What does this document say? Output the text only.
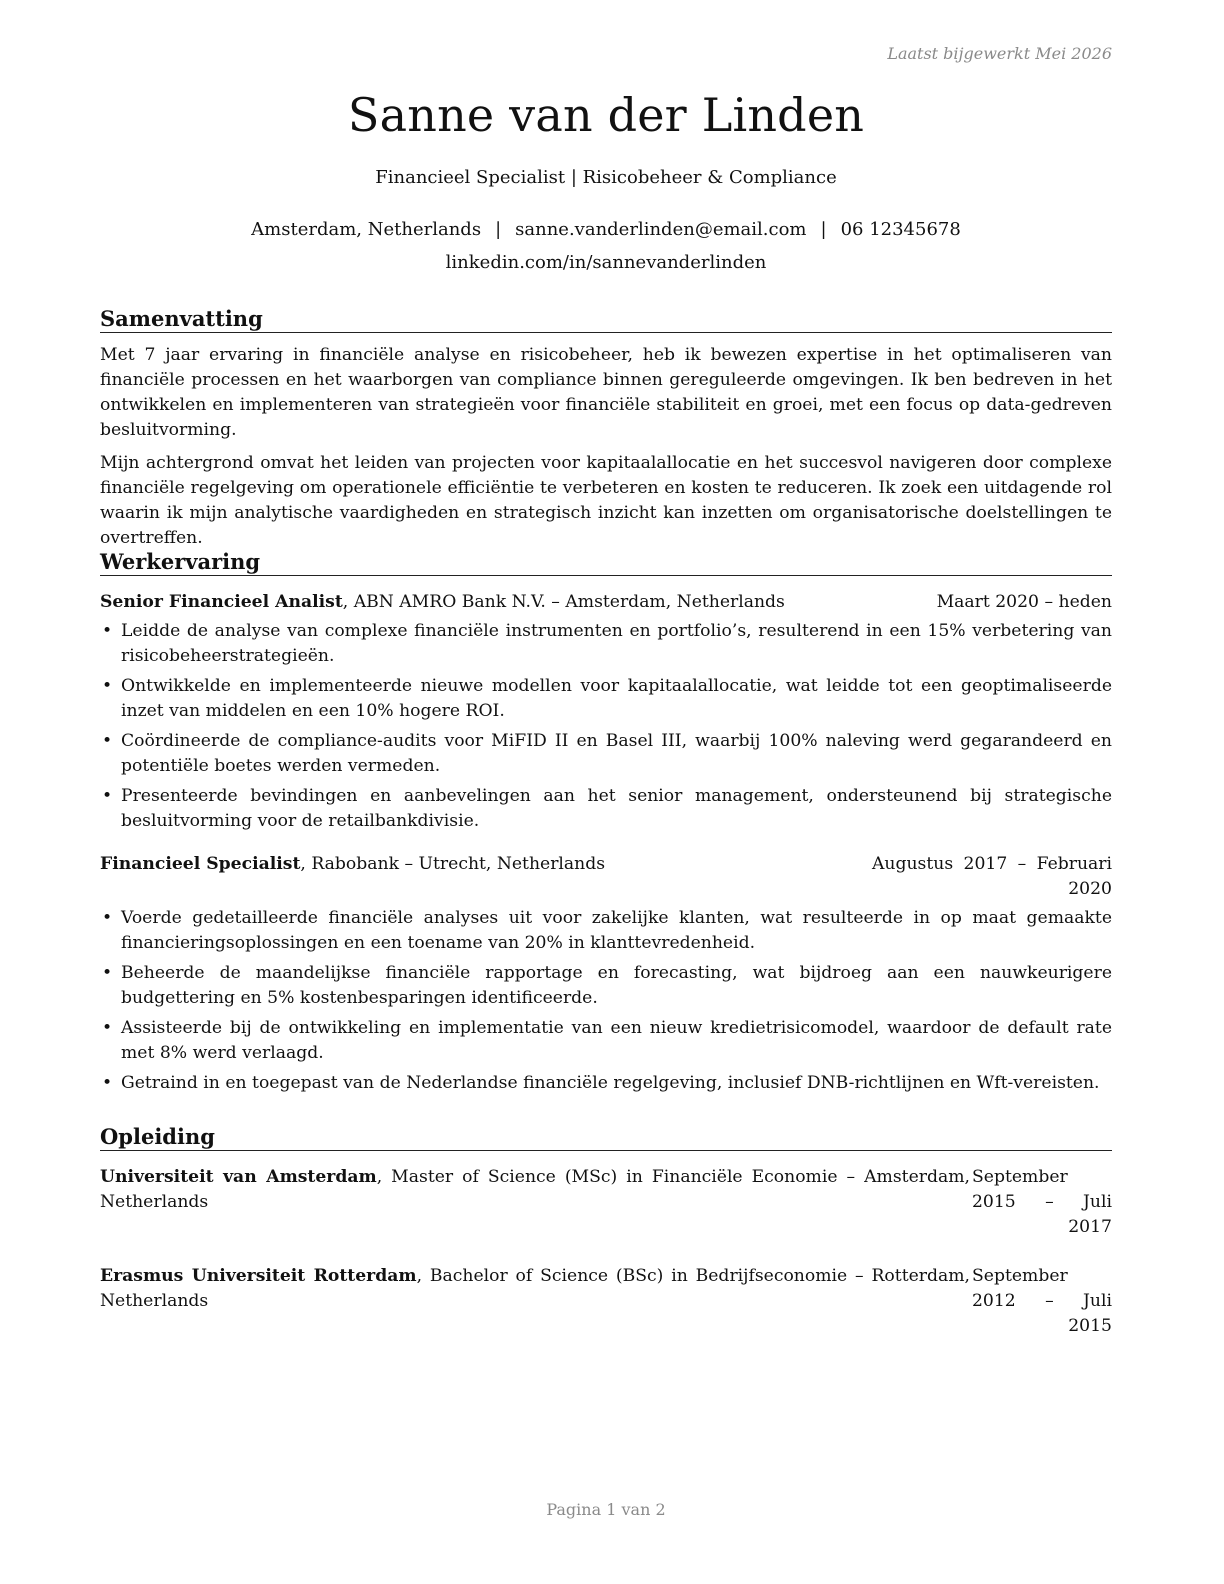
Laatst bijgewerkt Mei 2026
Sanne van der Linden
Financieel Specialist | Risicobeheer & Compliance
Amsterdam, Netherlands | sanne.vanderlinden@email.com | 06 12345678
linkedin.com/in/sannevanderlinden
Samenvatting

Met 7 jaar ervaring in financiële analyse en risicobeheer, heb ik bewezen expertise in het optimaliseren van financiële processen en het waarborgen van compliance binnen gereguleerde omgevingen. Ik ben bedreven in het ontwikkelen en implementeren van strategieën voor financiële stabiliteit en groei, met een focus op data-gedreven besluitvorming.

Mijn achtergrond omvat het leiden van projecten voor kapitaalallocatie en het succesvol navigeren door complexe financiële regelgeving om operationele efficiëntie te verbeteren en kosten te reduceren. Ik zoek een uitdagende rol waarin ik mijn analytische vaardigheden en strategisch inzicht kan inzetten om organisatorische doelstellingen te overtreffen.

Werkervaring
Senior Financieel Analist, ABN AMRO Bank N.V. – Amsterdam, Netherlands	Maart 2020 – heden
• Leidde de analyse van complexe financiële instrumenten en portfolio’s, resulterend in een 15% verbetering van risicobeheerstrategieën.
• Ontwikkelde en implementeerde nieuwe modellen voor kapitaalallocatie, wat leidde tot een geoptimaliseerde inzet van middelen en een 10% hogere ROI.
• Coördineerde de compliance-audits voor MiFID II en Basel III, waarbij 100% naleving werd gegarandeerd en potentiële boetes werden vermeden.
• Presenteerde bevindingen en aanbevelingen aan het senior management, ondersteunend bij strategische besluitvorming voor de retailbankdivisie.
Financieel Specialist, Rabobank – Utrecht, Netherlands	Augustus 2017 – Februari 2020
• Voerde gedetailleerde financiële analyses uit voor zakelijke klanten, wat resulteerde in op maat gemaakte financieringsoplossingen en een toename van 20% in klanttevredenheid.
• Beheerde de maandelijkse financiële rapportage en forecasting, wat bijdroeg aan een nauwkeurigere budgettering en 5% kostenbesparingen identificeerde.
• Assisteerde bij de ontwikkeling en implementatie van een nieuw kredietrisicomodel, waardoor de default rate met 8% werd verlaagd.
• Getraind in en toegepast van de Nederlandse financiële regelgeving, inclusief DNB-richtlijnen en Wft-vereisten.
Opleiding
Universiteit van Amsterdam, Master of Science (MSc) in Financiële Economie – Amsterdam, Netherlands
September 2015 – Juli 2017
Erasmus Universiteit Rotterdam, Bachelor of Science (BSc) in Bedrijfseconomie – Rotterdam, Netherlands
September 2012 – Juli 2015
Pagina 1 van 2
